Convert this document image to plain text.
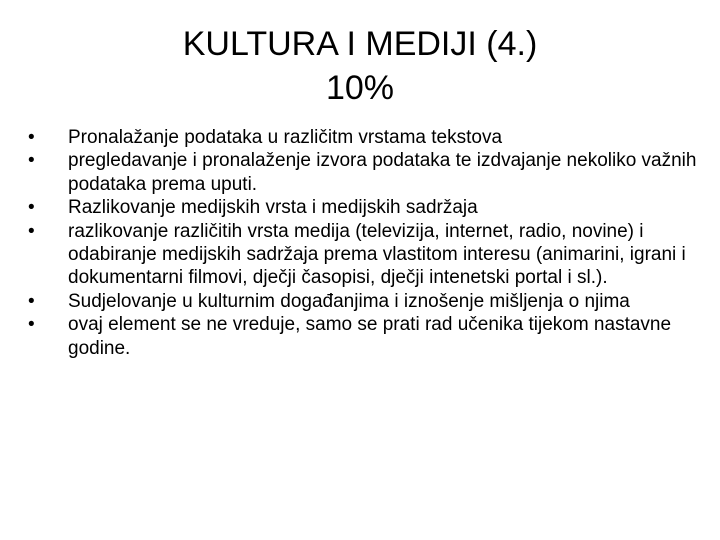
KULTURA I MEDIJI (4.)
10%
•	Pronalažanje podataka u različitm vrstama tekstova
•	pregledavanje i pronalaženje izvora podataka te izdvajanje nekoliko važnih podataka prema uputi.
•	Razlikovanje medijskih vrsta i medijskih sadržaja
•	razlikovanje različitih vrsta medija (televizija, internet, radio, novine) i odabiranje medijskih sadržaja prema vlastitom interesu (animarini, igrani i dokumentarni filmovi, dječji časopisi, dječji intenetski portal i sl.).
•	Sudjelovanje u kulturnim događanjima i iznošenje mišljenja o njima
•	ovaj element se ne vreduje, samo se prati rad učenika tijekom nastavne godine.
